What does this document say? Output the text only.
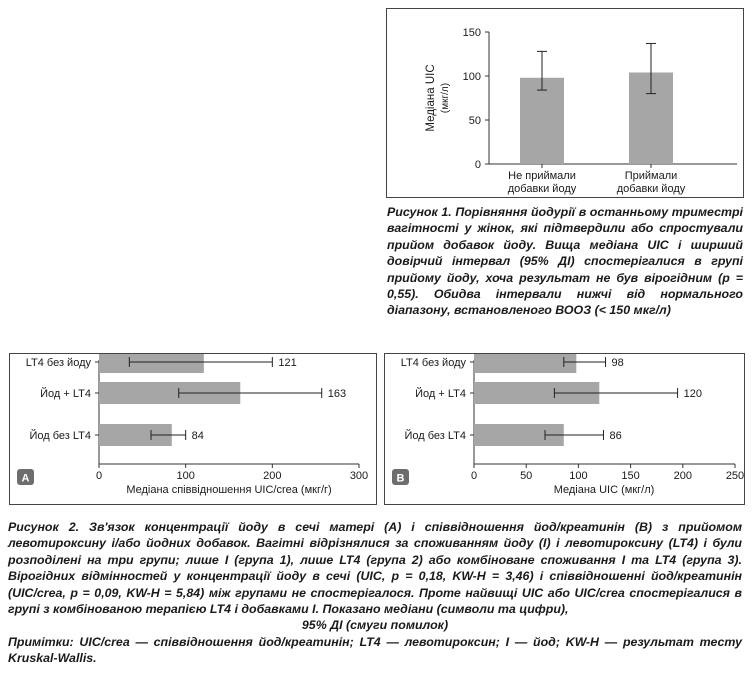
0
50
100
150
Медіана UIC (мкг/л)
Не приймали
добавки йоду
Приймали
добавки йоду
Рисунок 1. Порівняння йодурії в останньому триместрі вагітності у жінок, які підтвердили або спростували прийом добавок йоду. Вища медіана UIC і ширший довірчий інтервал (95% ДІ) спостерігалися в групі прийому йоду, хоча результат не був вірогідним (p = 0,55). Обидва інтервали нижчі від нормального діапазону, встановленого ВООЗ (< 150 мкг/л)
0	100	200	300
Медіана співвідношення UIC/crea (мкг/г)
LT4 без йоду	121
Йод + LT4	163
Йод без LT4	84
A	0	50	100	150	200	250
Медіана UIC (мкг/л)
LT4 без йоду	98
Йод + LT4	120
Йод без LT4	86
B

Рисунок 2. Зв'язок концентрації йоду в сечі матері (А) і співвідношення йод/креатинін (В) з прийомом левотироксину і/або йодних добавок. Вагітні відрізнялися за споживанням йоду (I) і левотироксину (LT4) і були розподілені на три групи; лише I (група 1), лише LT4 (група 2) або комбіноване споживання I та LT4 (група 3). Вірогідних відмінностей у концентрації йоду в сечі (UIC, p = 0,18, KW-H = 3,46) і співвідношенні йод/креатинін (UIC/crea, p = 0,09, KW-H = 5,84) між групами не спостерігалося. Проте найвищі UIC або UIC/crea спостерігалися в групі з комбінованою терапією LT4 і добавками I. Показано медіани (символи та цифри),

95% ДІ (смуги помилок)

Примітки: UIC/crea — співвідношення йод/креатинін; LT4 — левотироксин; I — йод; KW-H — результат тесту Kruskal-Wallis.
